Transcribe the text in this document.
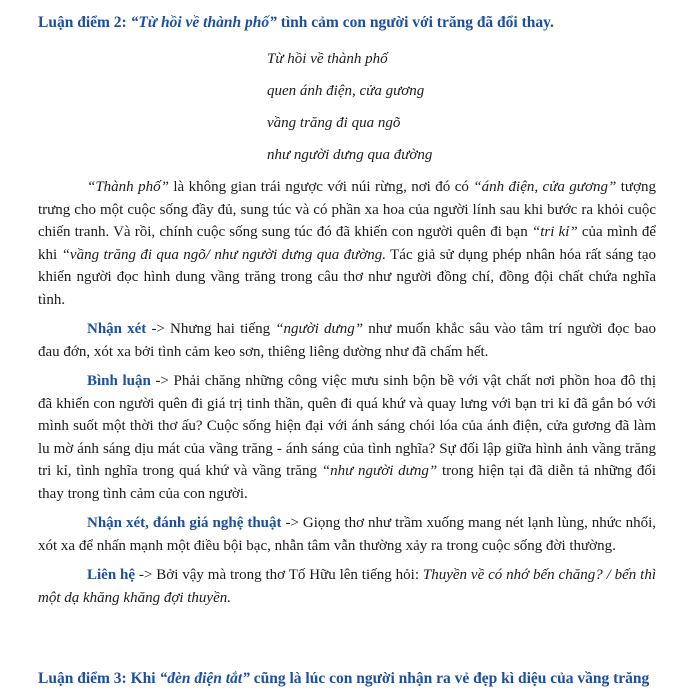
Luận điểm 2: “Từ hồi về thành phố” tình cảm con người với trăng đã đổi thay.
Từ hồi về thành phố
quen ánh điện, cửa gương
vầng trăng đi qua ngõ
như người dưng qua đường

“Thành phố” là không gian trái ngược với núi rừng, nơi đó có “ánh điện, cửa gương” tượng trưng cho một cuộc sống đầy đủ, sung túc và có phần xa hoa của người lính sau khi bước ra khỏi cuộc chiến tranh. Và rồi, chính cuộc sống sung túc đó đã khiến con người quên đi bạn “tri kỉ” của mình để khi “vầng trăng đi qua ngõ/ như người dưng qua đường. Tác giả sử dụng phép nhân hóa rất sáng tạo khiến người đọc hình dung vầng trăng trong câu thơ như người đồng chí, đồng đội chất chứa nghĩa tình.

Nhận xét -> Nhưng hai tiếng “người dưng” như muốn khắc sâu vào tâm trí người đọc bao đau đớn, xót xa bởi tình cảm keo sơn, thiêng liêng dường như đã chấm hết.

Bình luận -> Phải chăng những công việc mưu sinh bộn bề với vật chất nơi phồn hoa đô thị đã khiến con người quên đi giá trị tinh thần, quên đi quá khứ và quay lưng với bạn tri kỉ đã gắn bó với mình suốt một thời thơ ấu? Cuộc sống hiện đại với ánh sáng chói lóa của ánh điện, cửa gương đã làm lu mờ ánh sáng dịu mát của vầng trăng - ánh sáng của tình nghĩa? Sự đối lập giữa hình ảnh vầng trăng tri kỉ, tình nghĩa trong quá khứ và vầng trăng “như người dưng” trong hiện tại đã diễn tả những đổi thay trong tình cảm của con người.

Nhận xét, đánh giá nghệ thuật -> Giọng thơ như trầm xuống mang nét lạnh lùng, nhức nhối, xót xa để nhấn mạnh một điều bội bạc, nhẫn tâm vẫn thường xảy ra trong cuộc sống đời thường.

Liên hệ -> Bởi vậy mà trong thơ Tố Hữu lên tiếng hỏi: Thuyền về có nhớ bến chăng? / bến thì một dạ khăng khăng đợi thuyền.

Luận điểm 3: Khi “đèn điện tắt” cũng là lúc con người nhận ra vẻ đẹp kì diệu của vầng trăng
